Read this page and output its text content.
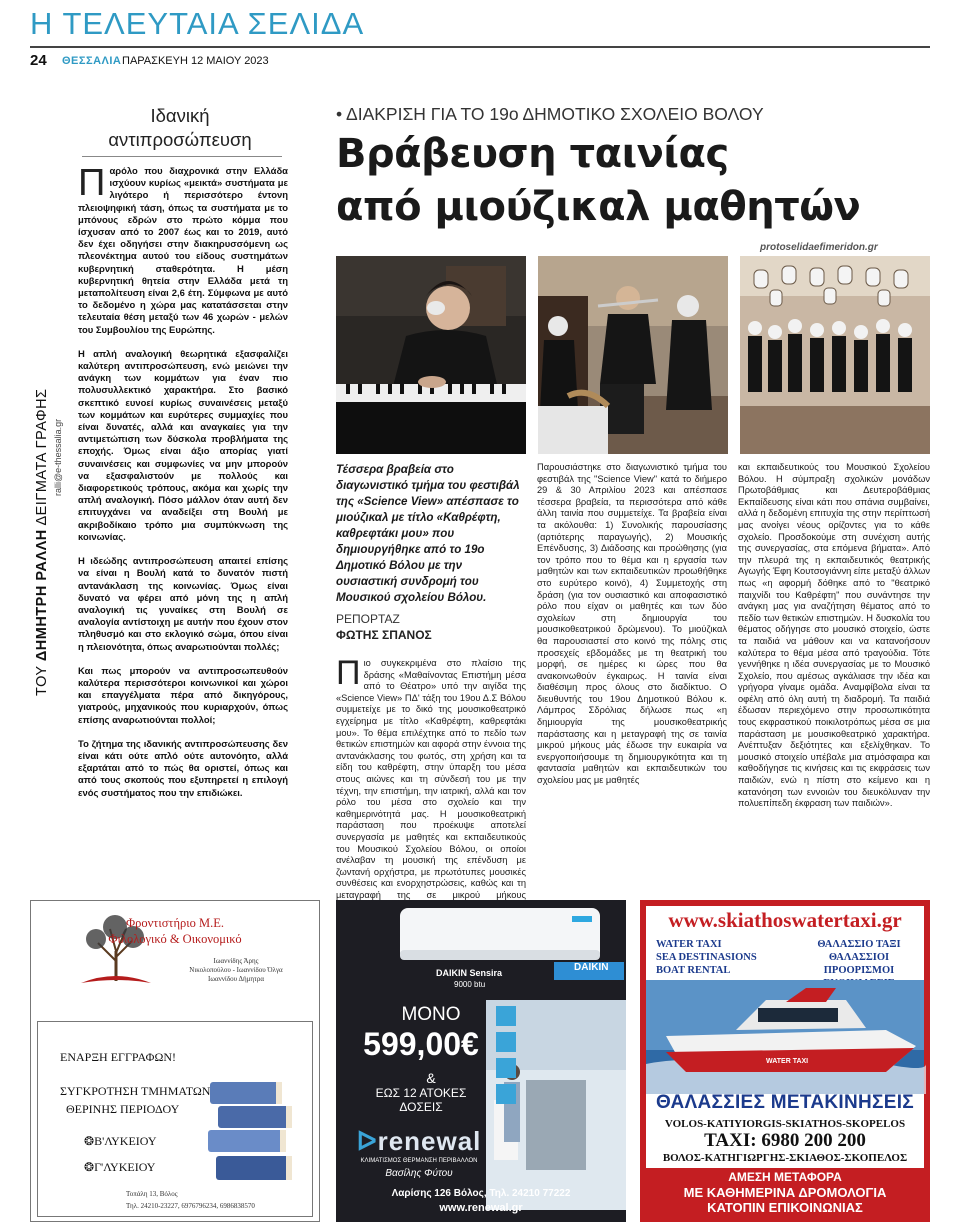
Η ΤΕΛΕΥΤΑΙΑ ΣΕΛΙΔΑ
24 ΘΕΣΣΑΛΙΑ ΠΑΡΑΣΚΕΥΗ 12 ΜΑΙΟΥ 2023
ΤΟΥ ΔΗΜΗΤΡΗ ΡΑΛΛΗ ΔΕΙΓΜΑΤΑ ΓΡΑΦΗΣ ralli@e-thessalia.gr
Ιδανική
αντιπροσώπευση

Παρόλο που διαχρονικά στην Ελλάδα ισχύουν κυρίως «μεικτά» συστήματα με λιγότερο ή περισσότερο έντονη πλειοψηφική τάση, όπως τα συστήματα με το μπόνους εδρών στο πρώτο κόμμα που ίσχυσαν από το 2007 έως και το 2019, αυτό δεν έχει οδηγήσει στην διακηρυσσόμενη ως πλεονέκτημα αυτού του είδους συστημάτων κυβερνητική σταθερότητα. Η μέση κυβερνητική θητεία στην Ελλάδα μετά τη μεταπολίτευση είναι 2,6 έτη. Σύμφωνα με αυτό το δεδομένο η χώρα μας κατατάσσεται στην τελευταία θέση μεταξύ των 46 χωρών - μελών του Συμβουλίου της Ευρώπης.

Η απλή αναλογική θεωρητικά εξασφαλίζει καλύτερη αντιπροσώπευση, ενώ μειώνει την ανάγκη των κομμάτων για έναν πιο πολυσυλλεκτικό χαρακτήρα. Στο βασικό σκεπτικό ευνοεί κυρίως συναινέσεις μεταξύ των κομμάτων και ευρύτερες συμμαχίες που είναι δυνατές, αλλά και αναγκαίες για την αντιμετώπιση των δύσκολα προβλήματα της εποχής. Όμως είναι άξιο απορίας γιατί συναινέσεις και συμφωνίες να μην μπορούν να εξασφαλιστούν με πολλούς και διαφορετικούς τρόπους, ακόμα και χωρίς την απλή αναλογική. Πόσο μάλλον όταν αυτή δεν επιτυγχάνει να αναδείξει στη Βουλή με ακριβοδίκαιο τρόπο μια συμπύκνωση της κοινωνίας.

Η ιδεώδης αντιπροσώπευση απαιτεί επίσης να είναι η Βουλή κατά το δυνατόν πιστή αντανάκλαση της κοινωνίας. Όμως είναι δυνατό να φέρει από μόνη της η απλή αναλογική τις γυναίκες στη Βουλή σε αναλογία αντίστοιχη με αυτήν που έχουν στον πληθυσμό και στο εκλογικό σώμα, όπου είναι η πλειονότητα, όπως αναρωτιούνται πολλές;

Και πως μπορούν να αντιπροσωπευθούν καλύτερα περισσότεροι κοινωνικοί και χώροι και επαγγέλματα πέρα από δικηγόρους, γιατρούς, μηχανικούς που κυριαρχούν, όπως επίσης αναρωτιούνται πολλοί;

Το ζήτημα της ιδανικής αντιπροσώπευσης δεν είναι κάτι ούτε απλό ούτε αυτονόητο, αλλά εξαρτάται από το πώς θα οριστεί, όπως και από τους σκοπούς που εξυπηρετεί η επιλογή ενός συστήματος που την επιδιώκει.

• ΔΙΑΚΡΙΣΗ ΓΙΑ ΤΟ 19ο ΔΗΜΟΤΙΚΟ ΣΧΟΛΕΙΟ ΒΟΛΟΥ
Βράβευση ταινίας
από μιούζικαλ μαθητών
protoselidaefimeridon.gr
Τέσσερα βραβεία στο διαγωνιστικό τμήμα του φεστιβάλ της «Science View» απέσπασε το μιούζικαλ με τίτλο «Καθρέφτη, καθρεφτάκι μου» που δημιουργήθηκε από το 19ο Δημοτικό Βόλου με την ουσιαστική συνδρομή του Μουσικού σχολείου Βόλου.
ΡΕΠΟΡΤΑΖ
ΦΩΤΗΣ ΣΠΑΝΟΣ
Πιο συγκεκριμένα στο πλαίσιο της δράσης «Μαθαίνοντας Επιστήμη μέσα από το Θέατρο» υπό την αιγίδα της «Science View» ΠΔ' τάξη του 19ου Δ.Σ Βόλου συμμετείχε με το δικό της μουσικοθεατρικό εγχείρημα με τίτλο «Καθρέφτη, καθρεφτάκι μου». Το θέμα επιλέχτηκε από το πεδίο των θετικών επιστημών και αφορά στην έννοια της αντανάκλασης του φωτός, στη χρήση και τα είδη του καθρέφτη, στην ύπαρξη του μέσα στους αιώνες και τη σύνδεσή του με την τέχνη, την επιστήμη, την ιατρική, αλλά και τον ρόλο του μέσα στο σχολείο και την καθημερινότητά μας. Η μουσικοθεατρική παράσταση που προέκυψε αποτελεί συνεργασία με μαθητές και εκπαιδευτικούς του Μουσικού Σχολείου Βόλου, οι οποίοι ανέλαβαν τη μουσική της επένδυση με ζωντανή ορχήστρα, με πρωτότυπες μουσικές συνθέσεις και ενορχηστρώσεις, καθώς και τη μεταγραφή της σε μικρού μήκους
Παρουσιάστηκε στο διαγωνιστικό τμήμα του φεστιβάλ της "Science View" κατά το διήμερο 29 & 30 Απριλίου 2023 και απέσπασε τέσσερα βραβεία, τα περισσότερα από κάθε άλλη ταινία που συμμετείχε. Τα βραβεία είναι τα ακόλουθα: 1) Συνολικής παρουσίασης (αρτιότερης παραγωγής), 2) Μουσικής Επένδυσης, 3) Διάδοσης και προώθησης (για τον τρόπο που το θέμα και η εργασία των μαθητών και των εκπαιδευτικών προωθήθηκε στο ευρύτερο κοινό), 4) Συμμετοχής στη δράση (για τον ουσιαστικό και αποφασιστικό ρόλο που είχαν οι μαθητές και των δύο σχολείων στη δημιουργία του μουσικοθεατρικού δρώμενου). Το μιούζικαλ θα παρουσιαστεί στο κοινό της πόλης στις προσεχείς εβδομάδες με τη θεατρική του μορφή, σε ημέρες κι ώρες που θα ανακοινωθούν έγκαιρως. Η ταινία είναι διαθέσιμη προς όλους στο διαδίκτυο. Ο διευθυντής του 19ου Δημοτικού Βόλου κ. Λάμπρος Σδρόλιας δήλωσε πως «η δημιουργία της μουσικοθεατρικής παράστασης και η μεταγραφή της σε ταινία μικρού μήκους μάς έδωσε την ευκαιρία να ενεργοποιήσουμε τη δημιουργικότητα και τη φαντασία μαθητών και εκπαιδευτικών του σχολείου μας με μαθητές
και εκπαιδευτικούς του Μουσικού Σχολείου Βόλου. Η σύμπραξη σχολικών μονάδων Πρωτοβάθμιας και Δευτεροβάθμιας Εκπαίδευσης είναι κάτι που σπάνια συμβαίνει, αλλά η δεδομένη επιτυχία της στην περίπτωσή μας ανοίγει νέους ορίζοντες για το κάθε σχολείο. Προσδοκούμε στη συνέχιση αυτής της συνεργασίας, στα επόμενα βήματα». Από την πλευρά της η εκπαιδευτικός θεατρικής Αγωγής Έφη Κουτσογιάννη είπε μεταξύ άλλων πως «η αφορμή δόθηκε από το "θεατρικό παιχνίδι του Καθρέφτη" που συνάντησε την ανάγκη μας για αναζήτηση θέματος από το πεδίο των θετικών επιστημών. Η δυσκολία του θέματος οδήγησε στο μουσικό στοιχείο, ώστε τα παιδιά να μάθουν και να κατανοήσουν καλύτερα το θέμα μέσα από τραγούδια. Τότε γεννήθηκε η ιδέα συνεργασίας με το Μουσικό Σχολείο, που αμέσως αγκάλιασε την ιδέα και γρήγορα γίναμε ομάδα. Αναμφίβολα είναι τα οφέλη από όλη αυτή τη διαδρομή. Τα παιδιά έδωσαν περιεχόμενο στην προσωπικότητα τους εκφραστικού ποικιλοτρόπως μέσα σε μια παράσταση με μουσικοθεατρικό χαρακτήρα. Ανέπτυξαν δεξιότητες και εξελίχθηκαν. Το μουσικό στοιχείο υπέβαλε μια ατμόσφαιρα και καθοδήγησε τις κινήσεις και τις εκφράσεις των παιδιών, ενώ η πίστη στο κείμενο και η κατανόηση των εννοιών του διευκόλυναν την πολυεπίπεδη έκφραση των παιδιών».
Φροντιστήριο Μ.Ε.
Φιλολογικό & Οικονομικό
Ιωαννίδης Άρης
Νικολοπούλου - Ιωαννίδου Όλγα
Ιωαννίδου Δήμητρα
ΕΝΑΡΞΗ ΕΓΓΡΑΦΩΝ!
ΣΥΓΚΡΟΤΗΣΗ ΤΜΗΜΑΤΩΝ
ΘΕΡΙΝΗΣ ΠΕΡΙΟΔΟΥ
❂Β'ΛΥΚΕΙΟΥ
❂Γ'ΛΥΚΕΙΟΥ
Τοπάλη 13, Βόλος
Τηλ. 24210-23227, 6976796234, 6986838570
DAIKIN
DAIKIN Sensira
9000 btu
ΜΟΝΟ
599,00€
&
ΕΩΣ 12 ΑΤΟΚΕΣ
ΔΟΣΕΙΣ
ᐅrenewal
ΚΛΙΜΑΤΙΣΜΟΣ ΘΕΡΜΑΝΣΗ ΠΕΡΙΒΑΛΛΟΝ
Βασίλης Φύτου
Λαρίσης 126 Βόλος, Τηλ. 24210 77222
www.renewal.gr
www.skiathoswatertaxi.gr
WATER TAXI
SEA DESTINASIONS
BOAT RENTAL
ΘΑΛΑΣΣΙΟ ΤΑΞΙ
ΘΑΛΑΣΣΙΟΙ ΠΡΟΟΡΙΣΜΟΙ
WATER TAXI
ΘΑΛΑΣΣΙΕΣ ΜΕΤΑΚΙΝΗΣΕΙΣ
VOLOS-KATIYIORGIS-SKIATHOS-SKOPELOS
TAXI: 6980 200 200
ΒΟΛΟΣ-ΚΑΤΗΓΙΩΡΓΗΣ-ΣΚΙΑΘΟΣ-ΣΚΟΠΕΛΟΣ
ΑΜΕΣΗ ΜΕΤΑΦΟΡΑ
ΜΕ ΚΑΘΗΜΕΡΙΝΑ ΔΡΟΜΟΛΟΓΙΑ
ΚΑΤΟΠΙΝ ΕΠΙΚΟΙΝΩΝΙΑΣ
